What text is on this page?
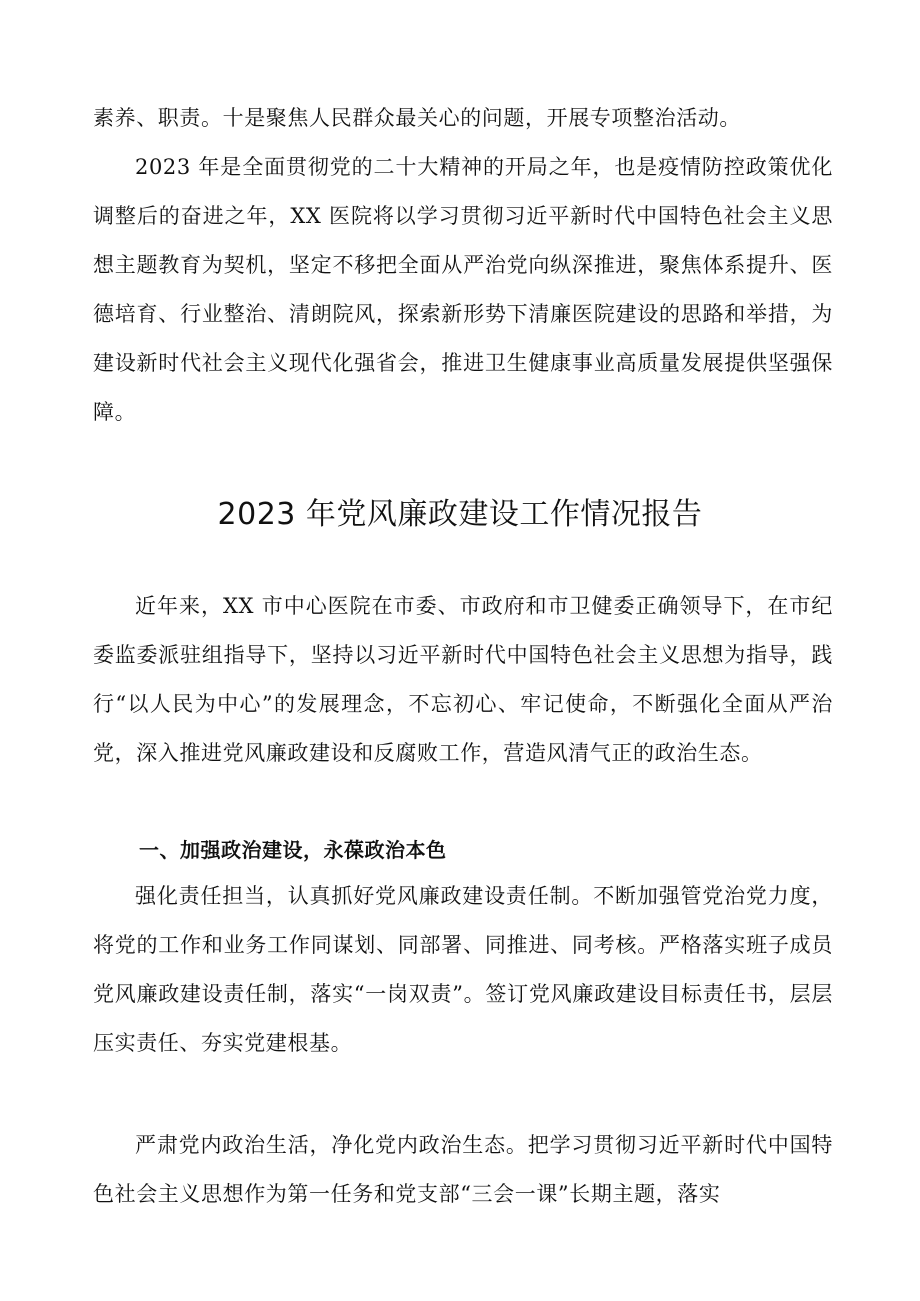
素养、职责。十是聚焦人民群众最关心的问题，开展专项整治活动。

2023 年是全面贯彻党的二十大精神的开局之年，也是疫情防控政策优化调整后的奋进之年，XX 医院将以学习贯彻习近平新时代中国特色社会主义思想主题教育为契机，坚定不移把全面从严治党向纵深推进，聚焦体系提升、医德培育、行业整治、清朗院风，探索新形势下清廉医院建设的思路和举措，为建设新时代社会主义现代化强省会，推进卫生健康事业高质量发展提供坚强保障。

2023 年党风廉政建设工作情况报告

近年来，XX 市中心医院在市委、市政府和市卫健委正确领导下，在市纪委监委派驻组指导下，坚持以习近平新时代中国特色社会主义思想为指导，践行“以人民为中心”的发展理念，不忘初心、牢记使命，不断强化全面从严治党，深入推进党风廉政建设和反腐败工作，营造风清气正的政治生态。

一、加强政治建设，永葆政治本色

强化责任担当，认真抓好党风廉政建设责任制。不断加强管党治党力度，将党的工作和业务工作同谋划、同部署、同推进、同考核。严格落实班子成员党风廉政建设责任制，落实“一岗双责”。签订党风廉政建设目标责任书，层层压实责任、夯实党建根基。

严肃党内政治生活，净化党内政治生态。把学习贯彻习近平新时代中国特色社会主义思想作为第一任务和党支部“三会一课”长期主题，落实
